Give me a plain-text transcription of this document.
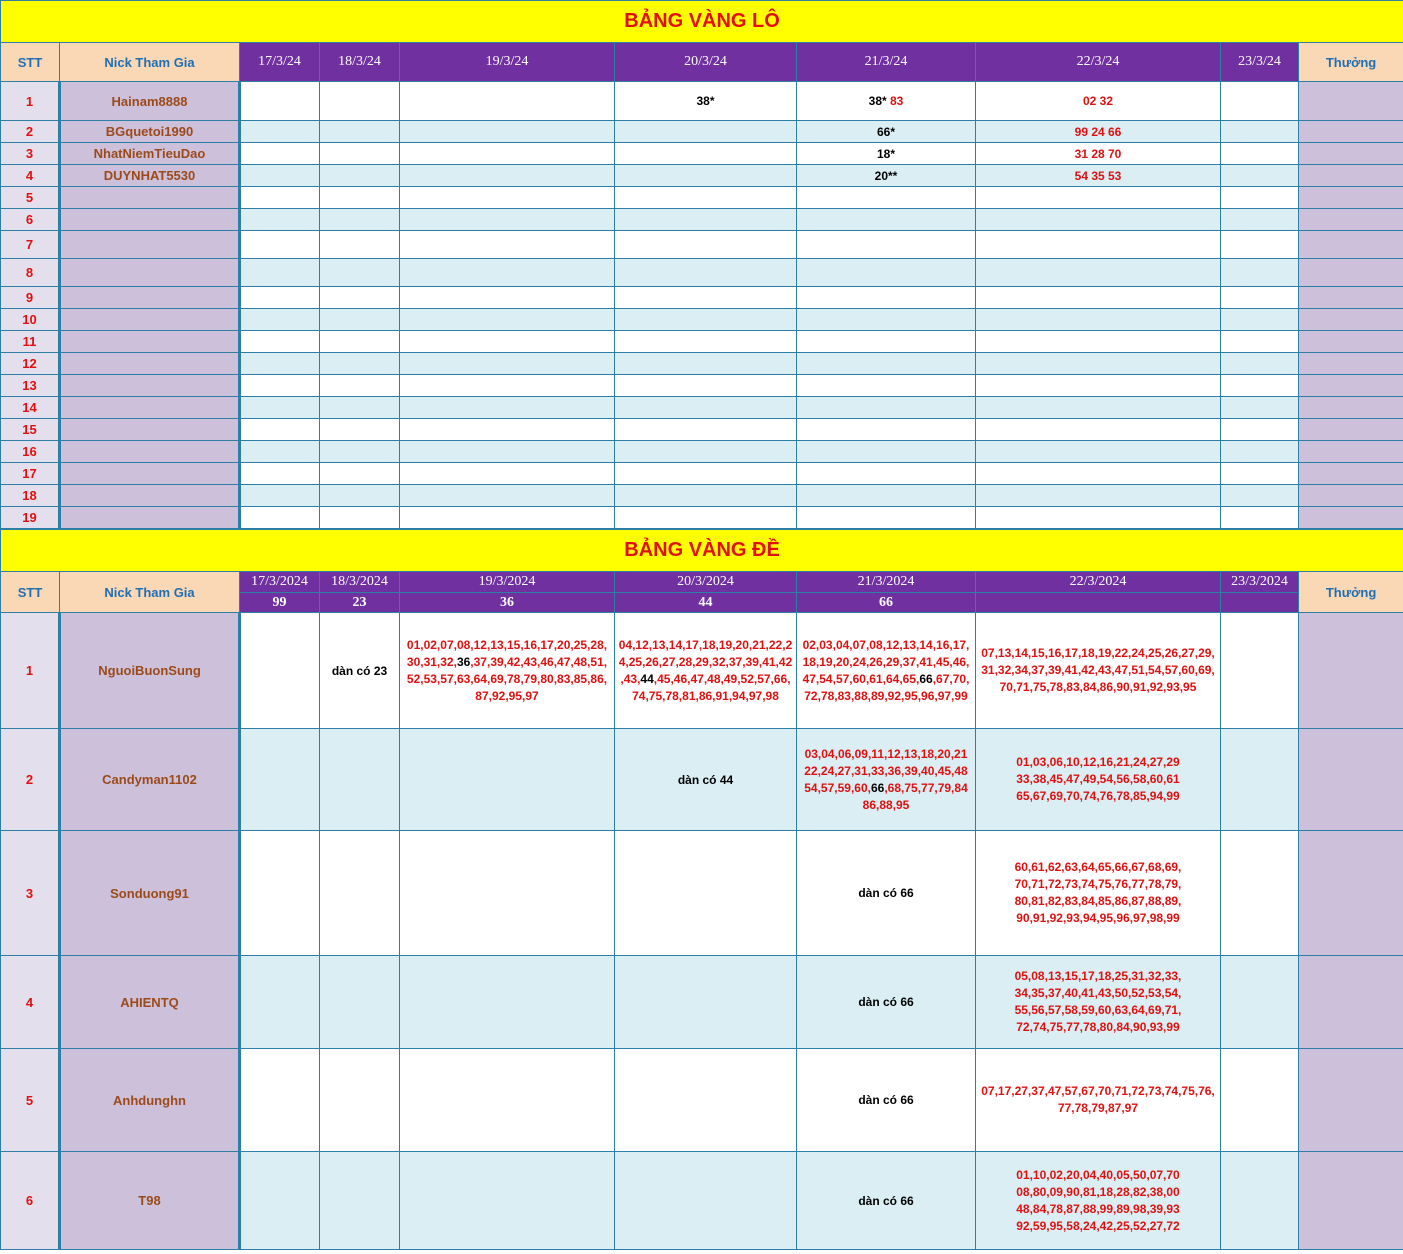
BẢNG VÀNG LÔ									
STT	Nick Tham Gia	17/3/24	18/3/24	19/3/24	20/3/24	21/3/24	22/3/24	23/3/24	Thưởng
1	Hainam8888				38*	38* 83	02 32		
2	BGquetoi1990					66*	99 24 66		
3	NhatNiemTieuDao					18*	31 28 70		
4	DUYNHAT5530					20**	54 35 53		
5									
6									
7									
8									
9									
10									
11									
12									
13									
14									
15									
16									
17									
18									
19									
BẢNG VÀNG ĐỀ									
STT	Nick Tham Gia	17/3/2024	18/3/2024	19/3/2024	20/3/2024	21/3/2024	22/3/2024	23/3/2024	Thưởng
		99	23	36	44	66			
1	NguoiBuonSung		dàn có 23	01,02,07,08,12,13,15,16,17,20,25,28,
30,31,32,36,37,39,42,43,46,47,48,51,
52,53,57,63,64,69,78,79,80,83,85,86,
87,92,95,97	04,12,13,14,17,18,19,20,21,22,2
4,25,26,27,28,29,32,37,39,41,42
,43,44,45,46,47,48,49,52,57,66,
74,75,78,81,86,91,94,97,98	02,03,04,07,08,12,13,14,16,17,
18,19,20,24,26,29,37,41,45,46,
47,54,57,60,61,64,65,66,67,70,
72,78,83,88,89,92,95,96,97,99	07,13,14,15,16,17,18,19,22,24,25,26,27,29,
31,32,34,37,39,41,42,43,47,51,54,57,60,69,
70,71,75,78,83,84,86,90,91,92,93,95		
2	Candyman1102				dàn có 44	03,04,06,09,11,12,13,18,20,21
22,24,27,31,33,36,39,40,45,48
54,57,59,60,66,68,75,77,79,84
86,88,95	01,03,06,10,12,16,21,24,27,29
33,38,45,47,49,54,56,58,60,61
65,67,69,70,74,76,78,85,94,99		
3	Sonduong91					dàn có 66	60,61,62,63,64,65,66,67,68,69,
70,71,72,73,74,75,76,77,78,79,
80,81,82,83,84,85,86,87,88,89,
90,91,92,93,94,95,96,97,98,99		
4	AHIENTQ					dàn có 66	05,08,13,15,17,18,25,31,32,33,
34,35,37,40,41,43,50,52,53,54,
55,56,57,58,59,60,63,64,69,71,
72,74,75,77,78,80,84,90,93,99		
5	Anhdunghn					dàn có 66	07,17,27,37,47,57,67,70,71,72,73,74,75,76,
77,78,79,87,97		
6	T98					dàn có 66	01,10,02,20,04,40,05,50,07,70
08,80,09,90,81,18,28,82,38,00
48,84,78,87,88,99,89,98,39,93
92,59,95,58,24,42,25,52,27,72		
